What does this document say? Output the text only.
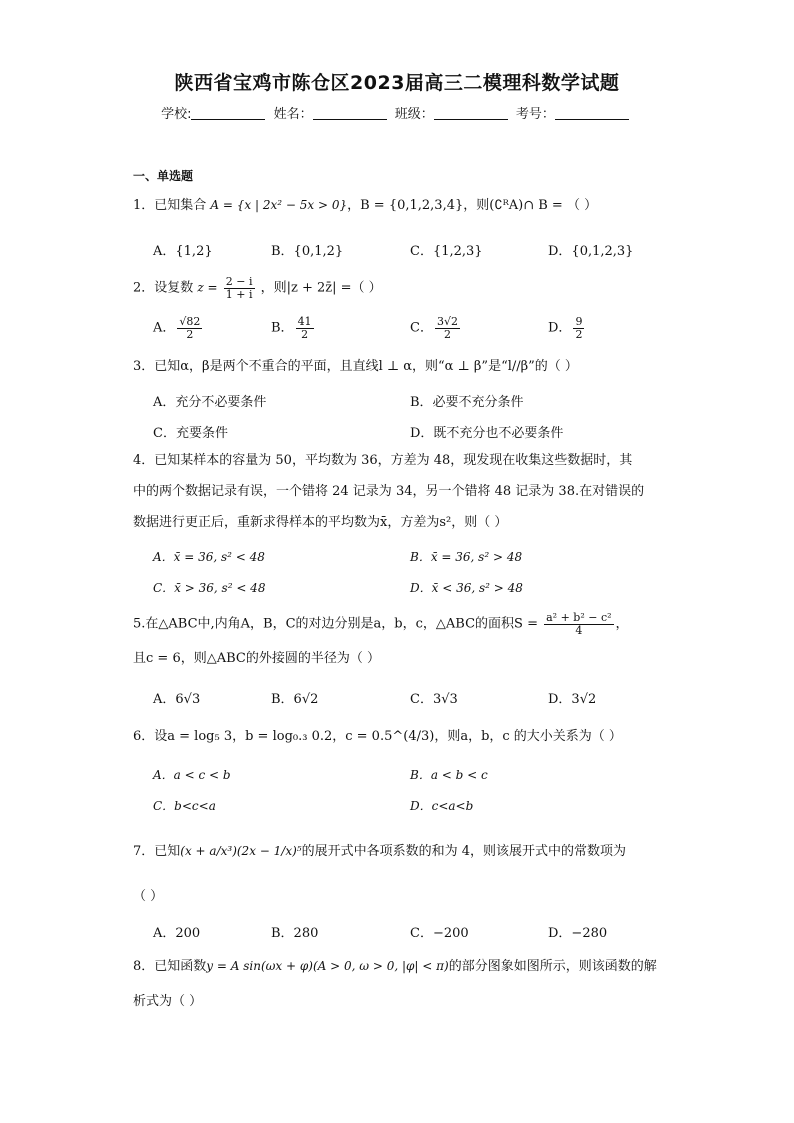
陕西省宝鸡市陈仓区2023届高三二模理科数学试题
学校:	姓名：	班级：	考号：
一、单选题
1．已知集合 A = {x | 2x² − 5x > 0}，B = {0,1,2,3,4}，则(∁ᴿA)∩ B = （ ）
A．{1,2}	B．{0,1,2}	C．{1,2,3}	D．{0,1,2,3}
2．设复数 $z = \frac{2 - i}{1 + i}$ ，则|z + 2z̄| =（ ）
A． $\frac{√82}{2}$	B． $\frac{41}{2}$	C． $\frac{3√2}{2}$	D． $\frac{9}{2}$
3．已知α，β是两个不重合的平面，且直线l ⊥ α，则“α ⊥ β”是“l//β”的（ ）
A．充分不必要条件	B．必要不充分条件
C．充要条件	D．既不充分也不必要条件
4．已知某样本的容量为 50，平均数为 36，方差为 48，现发现在收集这些数据时，其
中的两个数据记录有误，一个错将 24 记录为 34，另一个错将 48 记录为 38.在对错误的
数据进行更正后，重新求得样本的平均数为x̄，方差为s²，则（ ）
A．x̄ = 36, s² < 48	B．x̄ = 36, s² > 48
C．x̄ > 36, s² < 48	D．x̄ < 36, s² > 48
5.在△ABC中,内角A，B，C的对边分别是a，b，c，△ABC的面积$S = \frac{\text{a² + b² − c²}}{4}$ ，
且c = 6，则△ABC的外接圆的半径为（ ）
A．6√3	B．6√2	C．3√3	D．3√2
6．设a = log₅ 3，b = log₀.₃ 0.2，c = 0.5^(4/3)，则a，b，c 的大小关系为（ ）
A．a < c < b	B．a < b < c
C．b<c<a	D．c<a<b
7．已知(x + a/x³)(2x − 1/x)⁵的展开式中各项系数的和为 4，则该展开式中的常数项为
（ ）
A．200	B．280	C．−200	D．−280
8．已知函数y = A sin(ωx + φ)(A > 0, ω > 0, |φ| < π)的部分图象如图所示，则该函数的解
析式为（ ）
